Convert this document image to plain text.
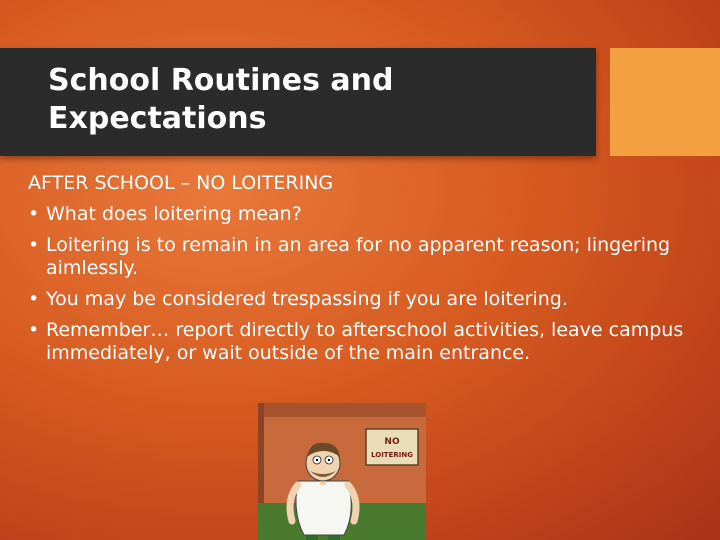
School Routines and
Expectations
AFTER SCHOOL – NO LOITERING
• What does loitering mean?
• Loitering is to remain in an area for no apparent reason; lingering aimlessly.
• You may be considered trespassing if you are loitering.
• Remember… report directly to afterschool activities, leave campus immediately, or wait outside of the main entrance.
NO
LOITERING
